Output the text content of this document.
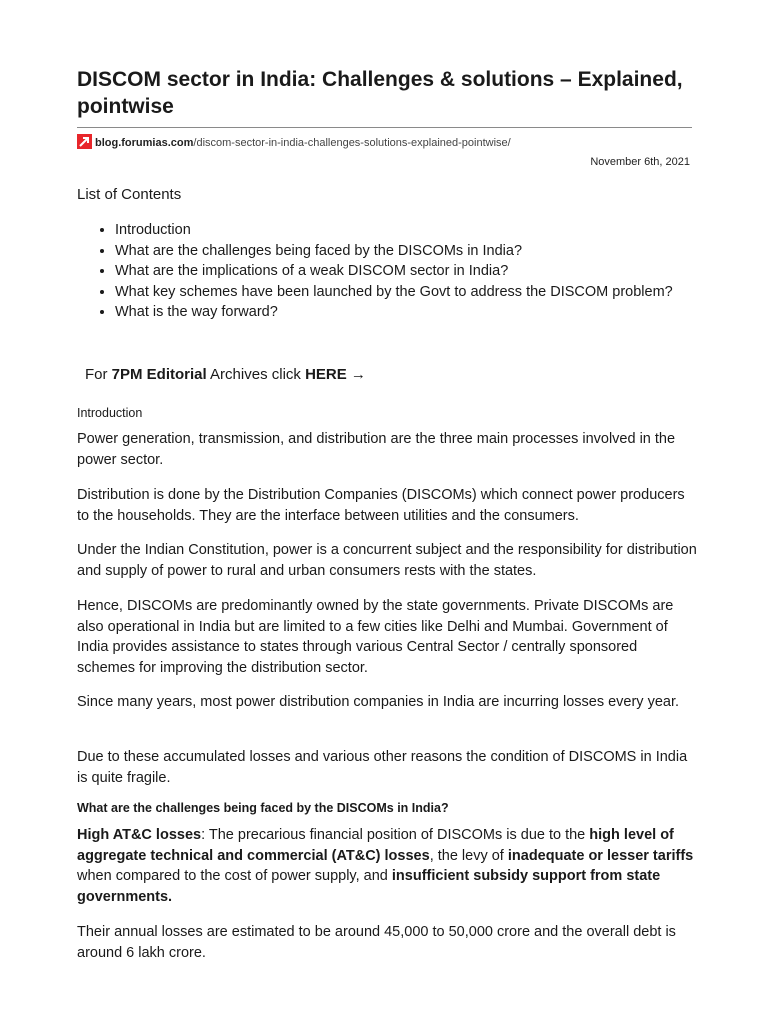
DISCOM sector in India: Challenges & solutions – Explained, pointwise
blog.forumias.com/discom-sector-in-india-challenges-solutions-explained-pointwise/
November 6th, 2021
List of Contents
• Introduction
• What are the challenges being faced by the DISCOMs in India?
• What are the implications of a weak DISCOM sector in India?
• What key schemes have been launched by the Govt to address the DISCOM problem?
• What is the way forward?
For 7PM Editorial Archives click HERE →
Introduction

Power generation, transmission, and distribution are the three main processes involved in the power sector.

Distribution is done by the Distribution Companies (DISCOMs) which connect power producers to the households. They are the interface between utilities and the consumers.

Under the Indian Constitution, power is a concurrent subject and the responsibility for distribution and supply of power to rural and urban consumers rests with the states.

Hence, DISCOMs are predominantly owned by the state governments. Private DISCOMs are also operational in India but are limited to a few cities like Delhi and Mumbai. Government of India provides assistance to states through various Central Sector / centrally sponsored schemes for improving the distribution sector.

Since many years, most power distribution companies in India are incurring losses every year.

Due to these accumulated losses and various other reasons the condition of DISCOMS in India is quite fragile.

What are the challenges being faced by the DISCOMs in India?

High AT&C losses: The precarious financial position of DISCOMs is due to the high level of aggregate technical and commercial (AT&C) losses, the levy of inadequate or lesser tariffs when compared to the cost of power supply, and insufficient subsidy support from state governments.

Their annual losses are estimated to be around 45,000 to 50,000 crore and the overall debt is around 6 lakh crore.
